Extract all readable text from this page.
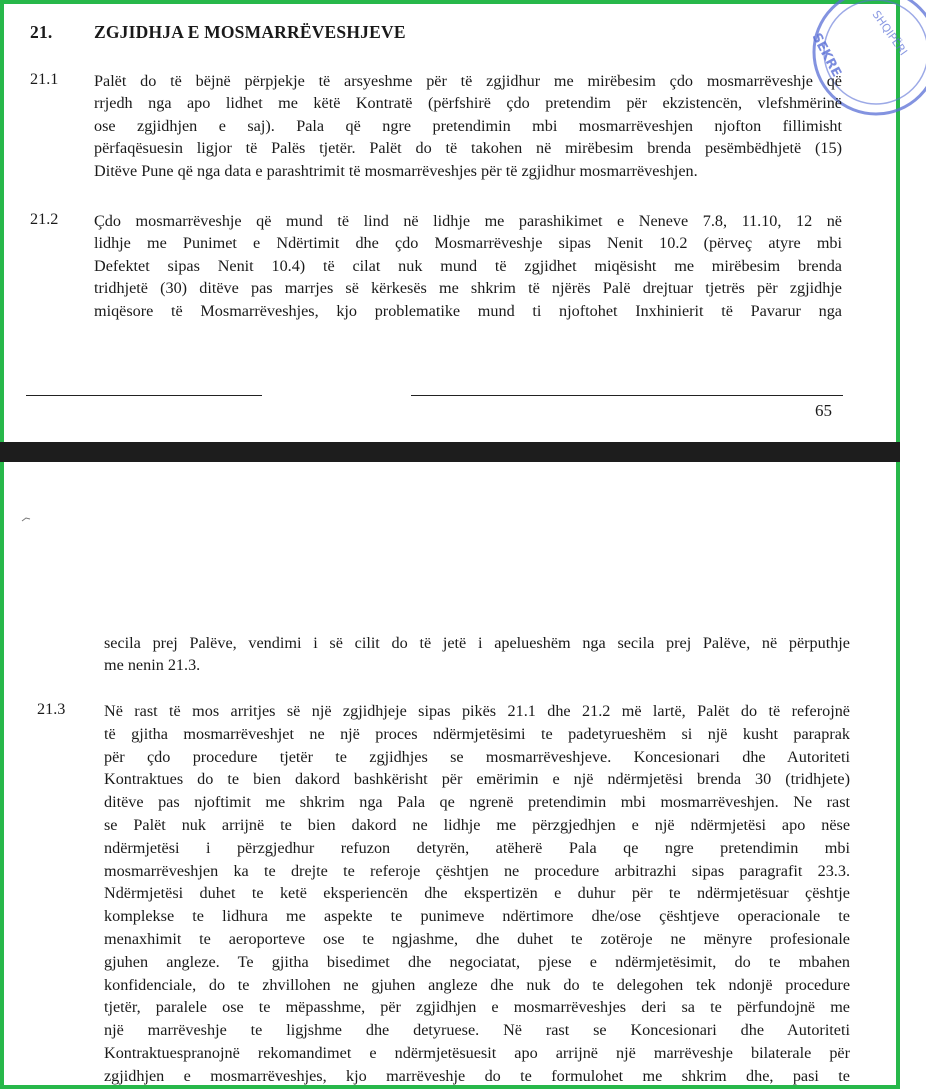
SEKRE SHQIPËRI
21. ZGJIDHJA E MOSMARRËVESHJEVE
21.1 Palët do të bëjnë përpjekje të arsyeshme për të zgjidhur me mirëbesim çdo mosmarrëveshje që
rrjedh nga apo lidhet me këtë Kontratë (përfshirë çdo pretendim për ekzistencën, vlefshmërinë
ose zgjidhjen e saj). Pala që ngre pretendimin mbi mosmarrëveshjen njofton fillimisht
përfaqësuesin ligjor të Palës tjetër. Palët do të takohen në mirëbesim brenda pesëmbëdhjetë (15)
Ditëve Pune që nga data e parashtrimit të mosmarrëveshjes për të zgjidhur mosmarrëveshjen.
21.2 Çdo mosmarrëveshje që mund të lind në lidhje me parashikimet e Neneve 7.8, 11.10, 12 në
lidhje me Punimet e Ndërtimit dhe çdo Mosmarrëveshje sipas Nenit 10.2 (përveç atyre mbi
Defektet sipas Nenit 10.4) të cilat nuk mund të zgjidhet miqësisht me mirëbesim brenda
tridhjetë (30) ditëve pas marrjes së kërkesës me shkrim të njërës Palë drejtuar tjetrës për zgjidhje
miqësore të Mosmarrëveshjes, kjo problematike mund ti njoftohet Inxhinierit të Pavarur nga
65
secila prej Palëve, vendimi i së cilit do të jetë i apelueshëm nga secila prej Palëve, në përputhje
me nenin 21.3.
21.3 Në rast të mos arritjes së një zgjidhjeje sipas pikës 21.1 dhe 21.2 më lartë, Palët do të referojnë
të gjitha mosmarrëveshjet ne një proces ndërmjetësimi te padetyrueshëm si një kusht paraprak
për çdo procedure tjetër te zgjidhjes se mosmarrëveshjeve. Koncesionari dhe Autoriteti
Kontraktues do te bien dakord bashkërisht për emërimin e një ndërmjetësi brenda 30 (tridhjete)
ditëve pas njoftimit me shkrim nga Pala qe ngrenë pretendimin mbi mosmarrëveshjen. Ne rast
se Palët nuk arrijnë te bien dakord ne lidhje me përzgjedhjen e një ndërmjetësi apo nëse
ndërmjetësi i përzgjedhur refuzon detyrën, atëherë Pala qe ngre pretendimin mbi
mosmarrëveshjen ka te drejte te referoje çështjen ne procedure arbitrazhi sipas paragrafit 23.3.
Ndërmjetësi duhet te ketë eksperiencën dhe ekspertizën e duhur për te ndërmjetësuar çështje
komplekse te lidhura me aspekte te punimeve ndërtimore dhe/ose çështjeve operacionale te
menaxhimit te aeroporteve ose te ngjashme, dhe duhet te zotëroje ne mënyre profesionale
gjuhen angleze. Te gjitha bisedimet dhe negociatat, pjese e ndërmjetësimit, do te mbahen
konfidenciale, do te zhvillohen ne gjuhen angleze dhe nuk do te delegohen tek ndonjë procedure
tjetër, paralele ose te mëpasshme, për zgjidhjen e mosmarrëveshjes deri sa te përfundojnë me
një marrëveshje te ligjshme dhe detyruese. Në rast se Koncesionari dhe Autoriteti
Kontraktuespranojnë rekomandimet e ndërmjetësuesit apo arrijnë një marrëveshje bilaterale për
zgjidhjen e mosmarrëveshjes, kjo marrëveshje do te formulohet me shkrim dhe, pasi te
